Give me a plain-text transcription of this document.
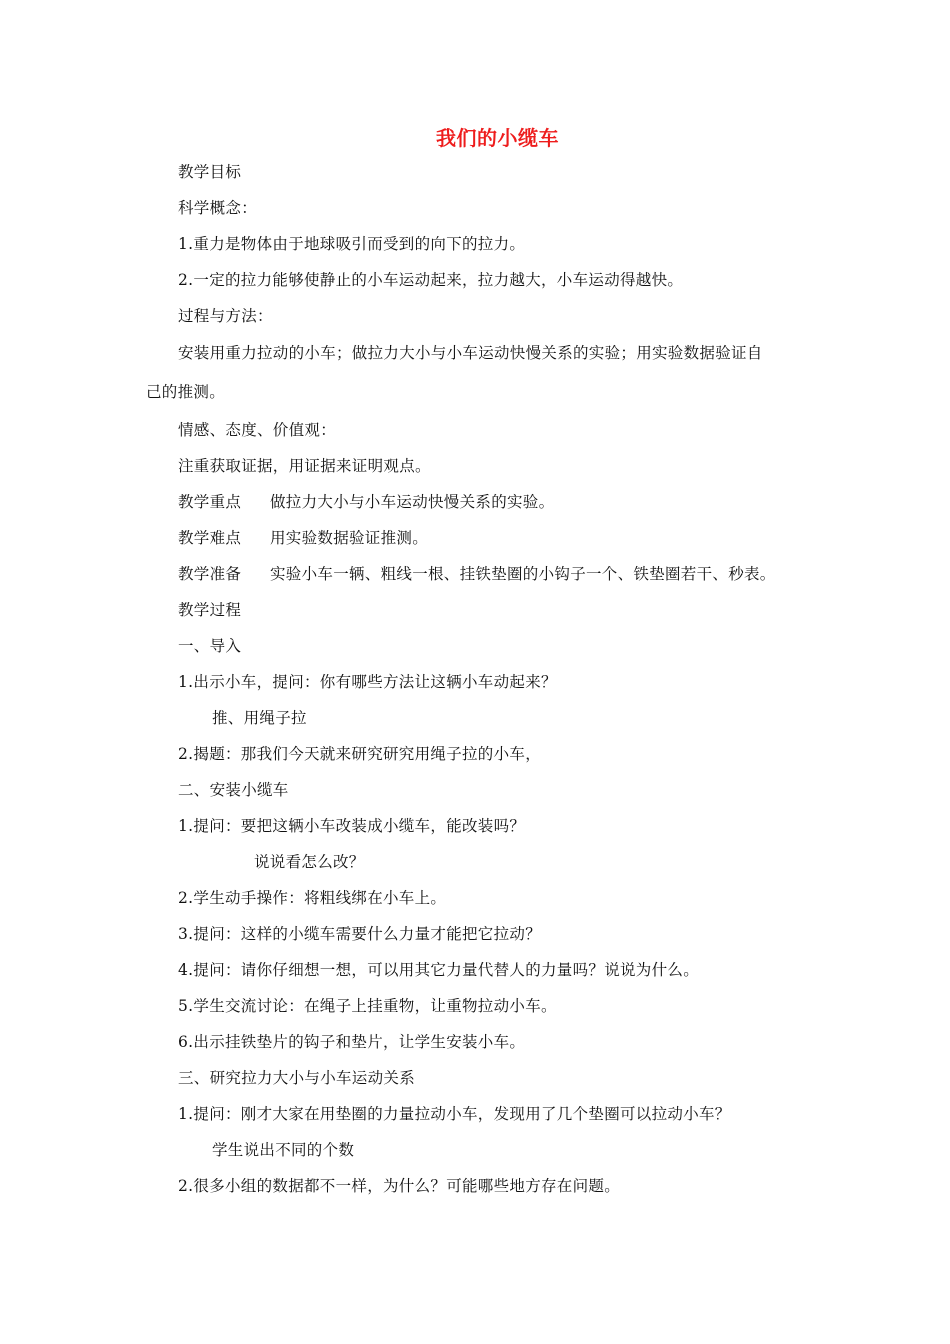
我们的小缆车
教学目标
科学概念：
1.重力是物体由于地球吸引而受到的向下的拉力。
2.一定的拉力能够使静止的小车运动起来，拉力越大，小车运动得越快。
过程与方法：
安装用重力拉动的小车；做拉力大小与小车运动快慢关系的实验；用实验数据验证自
己的推测。
情感、态度、价值观：
注重获取证据，用证据来证明观点。
教学重点 做拉力大小与小车运动快慢关系的实验。
教学难点 用实验数据验证推测。
教学准备 实验小车一辆、粗线一根、挂铁垫圈的小钩子一个、铁垫圈若干、秒表。
教学过程
一、导入
1.出示小车，提问：你有哪些方法让这辆小车动起来？
推、用绳子拉
2.揭题：那我们今天就来研究研究用绳子拉的小车，
二、安装小缆车
1.提问：要把这辆小车改装成小缆车，能改装吗？
说说看怎么改？
2.学生动手操作：将粗线绑在小车上。
3.提问：这样的小缆车需要什么力量才能把它拉动？
4.提问：请你仔细想一想，可以用其它力量代替人的力量吗？说说为什么。
5.学生交流讨论：在绳子上挂重物，让重物拉动小车。
6.出示挂铁垫片的钩子和垫片，让学生安装小车。
三、研究拉力大小与小车运动关系
1.提问：刚才大家在用垫圈的力量拉动小车，发现用了几个垫圈可以拉动小车？
学生说出不同的个数
2.很多小组的数据都不一样，为什么？可能哪些地方存在问题。
